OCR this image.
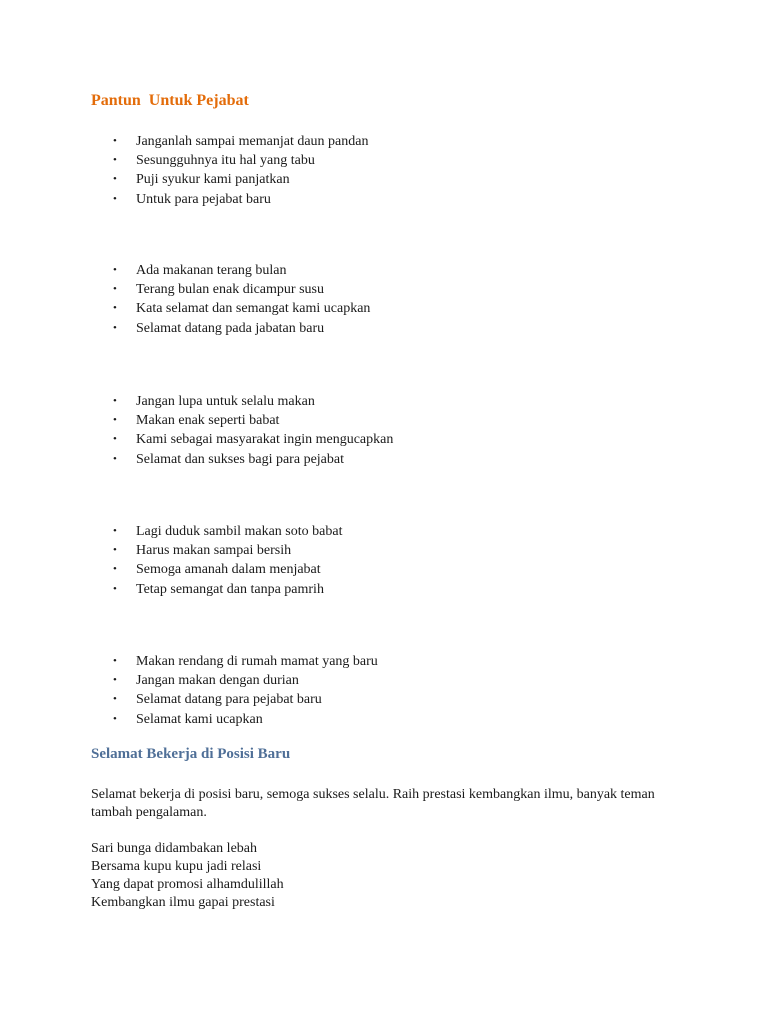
Pantun  Untuk Pejabat
• Janganlah sampai memanjat daun pandan
• Sesungguhnya itu hal yang tabu
• Puji syukur kami panjatkan
• Untuk para pejabat baru
• Ada makanan terang bulan
• Terang bulan enak dicampur susu
• Kata selamat dan semangat kami ucapkan
• Selamat datang pada jabatan baru
• Jangan lupa untuk selalu makan
• Makan enak seperti babat
• Kami sebagai masyarakat ingin mengucapkan
• Selamat dan sukses bagi para pejabat
• Lagi duduk sambil makan soto babat
• Harus makan sampai bersih
• Semoga amanah dalam menjabat
• Tetap semangat dan tanpa pamrih
• Makan rendang di rumah mamat yang baru
• Jangan makan dengan durian
• Selamat datang para pejabat baru
• Selamat kami ucapkan
Selamat Bekerja di Posisi Baru

Selamat bekerja di posisi baru, semoga sukses selalu. Raih prestasi kembangkan ilmu, banyak teman tambah pengalaman.

Sari bunga didambakan lebah
Bersama kupu kupu jadi relasi
Yang dapat promosi alhamdulillah
Kembangkan ilmu gapai prestasi
